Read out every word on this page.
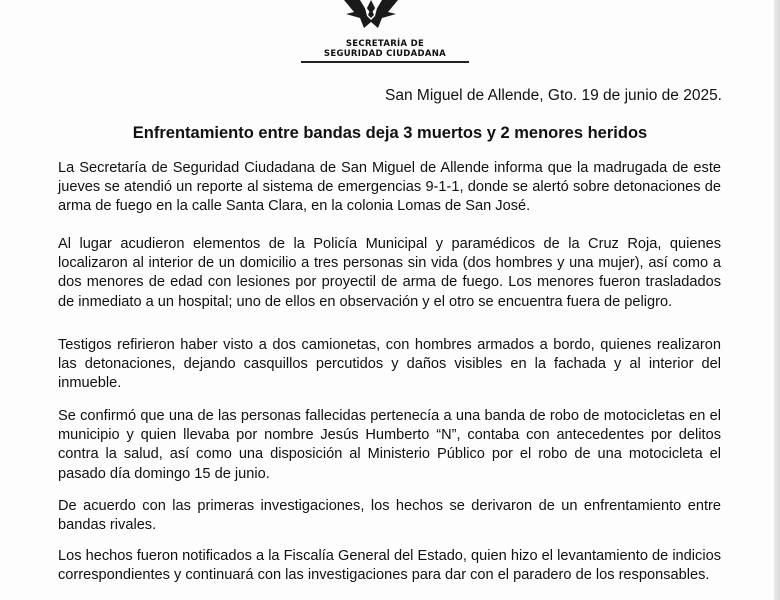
SECRETARÍA DE
SEGURIDAD CIUDADANA
San Miguel de Allende, Gto. 19 de junio de 2025.
Enfrentamiento entre bandas deja 3 muertos y 2 menores heridos

La Secretaría de Seguridad Ciudadana de San Miguel de Allende informa que la madrugada de este jueves se atendió un reporte al sistema de emergencias 9-1-1, donde se alertó sobre detonaciones de arma de fuego en la calle Santa Clara, en la colonia Lomas de San José.

Al lugar acudieron elementos de la Policía Municipal y paramédicos de la Cruz Roja, quienes localizaron al interior de un domicilio a tres personas sin vida (dos hombres y una mujer), así como a dos menores de edad con lesiones por proyectil de arma de fuego. Los menores fueron trasladados de inmediato a un hospital; uno de ellos en observación y el otro se encuentra fuera de peligro.

Testigos refirieron haber visto a dos camionetas, con hombres armados a bordo, quienes realizaron las detonaciones, dejando casquillos percutidos y daños visibles en la fachada y al interior del inmueble.

Se confirmó que una de las personas fallecidas pertenecía a una banda de robo de motocicletas en el municipio y quien llevaba por nombre Jesús Humberto “N”, contaba con antecedentes por delitos contra la salud, así como una disposición al Ministerio Público por el robo de una motocicleta el pasado día domingo 15 de junio.

De acuerdo con las primeras investigaciones, los hechos se derivaron de un enfrentamiento entre bandas rivales.

Los hechos fueron notificados a la Fiscalía General del Estado, quien hizo el levantamiento de indicios correspondientes y continuará con las investigaciones para dar con el paradero de los responsables.
